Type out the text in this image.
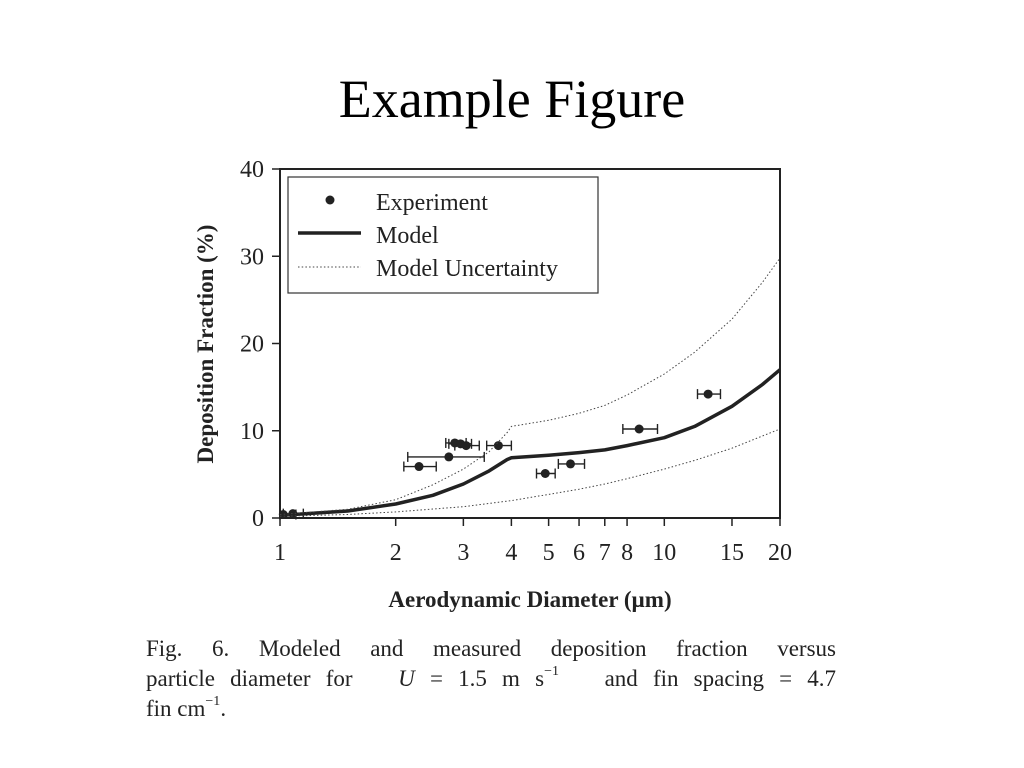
Example Figure
1	2 3 4 5 6 7 8 10 15 20
0
10
20
30
40
Aerodynamic Diameter (µm)
Deposition Fraction (%)
Experiment
Model
Model Uncertainty
Fig. 6. Modeled and measured deposition fraction versus
particle diameter for U = 1.5 m $s^{-1}$ and fin spacing = 4.7
fin $cm^{-1}$.
